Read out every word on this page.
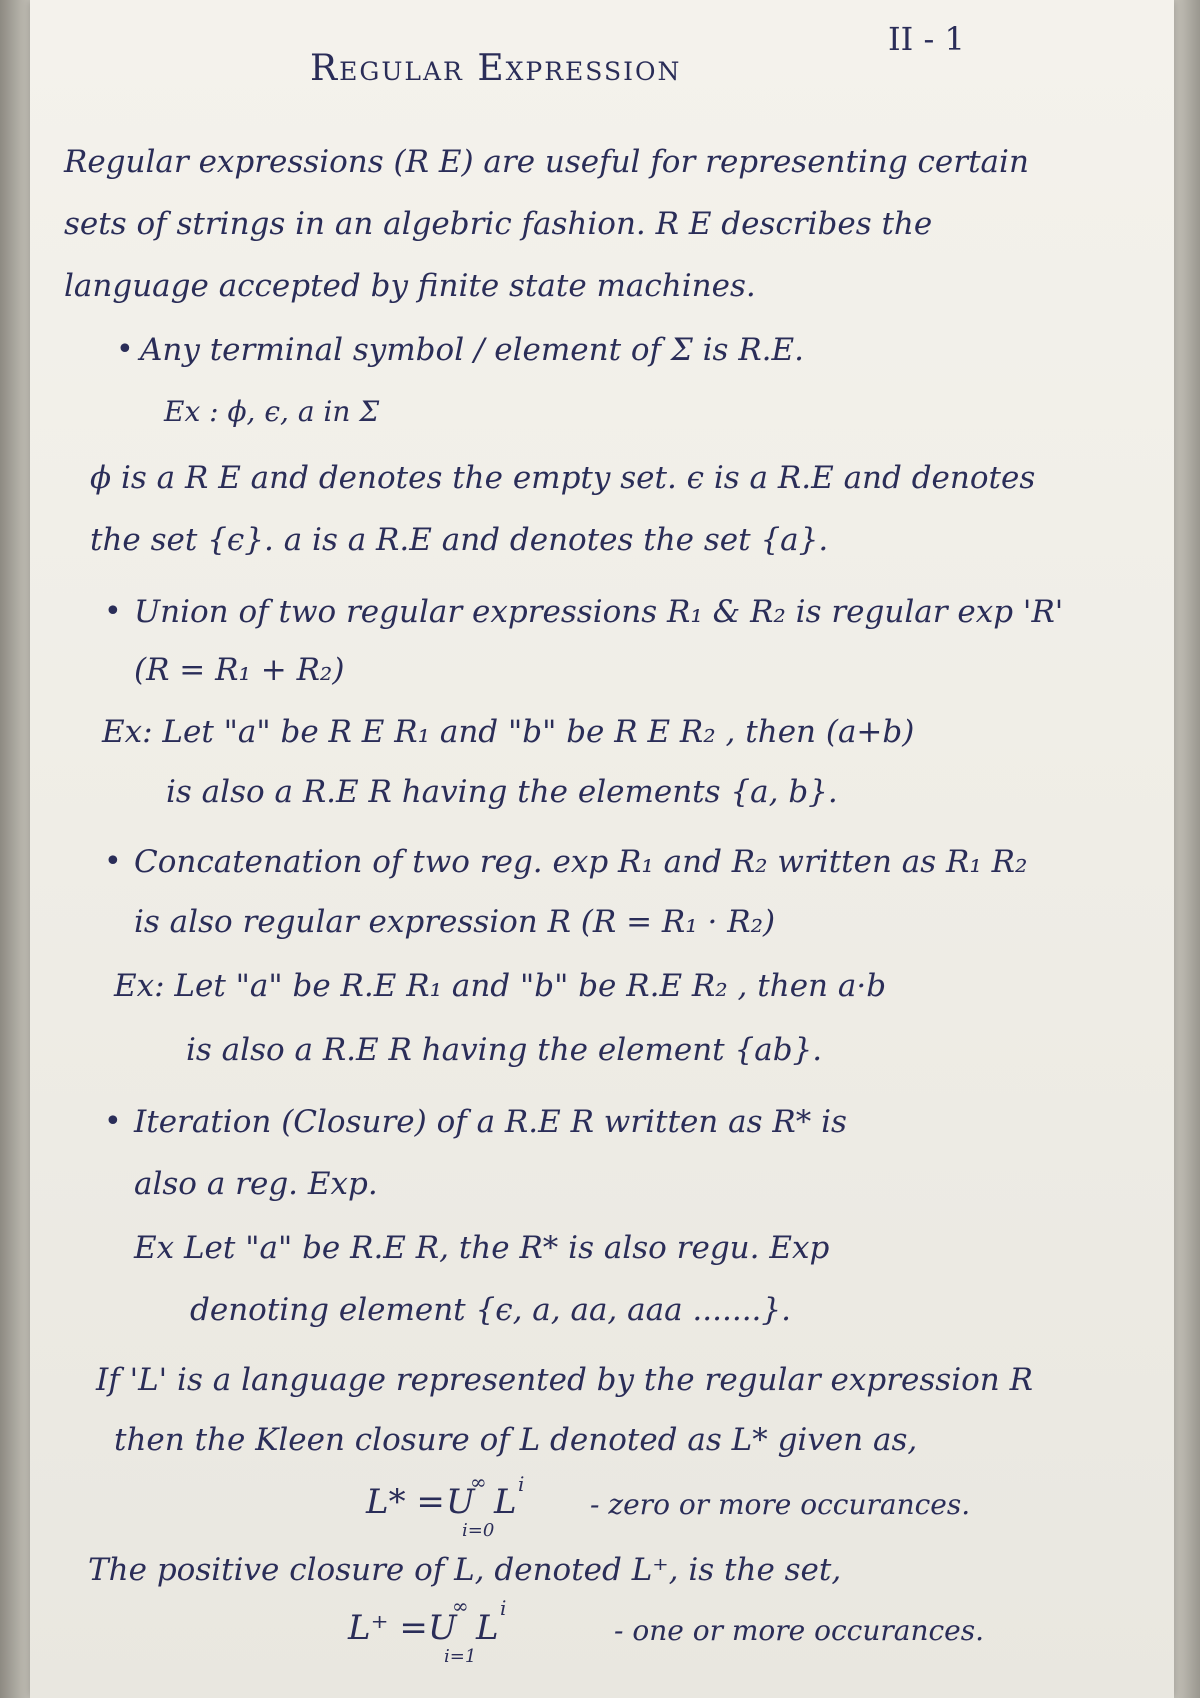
II - 1
Regular Expression
Regular expressions (R E) are useful for representing certain
sets of strings in an algebric fashion. R E describes the
language accepted by finite state machines.
• Any terminal symbol / element of Σ is R.E.
Ex : ϕ, ϵ, a in Σ
ϕ is a R E and denotes the empty set. ϵ is a R.E and denotes
the set {ϵ}. a is a R.E and denotes the set {a}.
• Union of two regular expressions R₁ & R₂ is regular exp 'R'
(R = R₁ + R₂)
Ex: Let "a" be R E R₁ and "b" be R E R₂ , then (a+b)
is also a R.E R having the elements {a, b}.
• Concatenation of two reg. exp R₁ and R₂ written as R₁ R₂
is also regular expression R (R = R₁ · R₂)
Ex: Let "a" be R.E R₁ and "b" be R.E R₂ , then a·b
is also a R.E R having the element {ab}.
• Iteration (Closure) of a R.E R written as R* is
also a reg. Exp.
Ex Let "a" be R.E R, the R* is also regu. Exp
denoting element {ϵ, a, aa, aaa .......}.
If 'L' is a language represented by the regular expression R
then the Kleen closure of L denoted as L* given as,
L* = U
∞
i=0
L i
- zero or more occurances.
The positive closure of L, denoted L⁺, is the set,
L⁺ = U
∞
i=1
L i
- one or more occurances.
